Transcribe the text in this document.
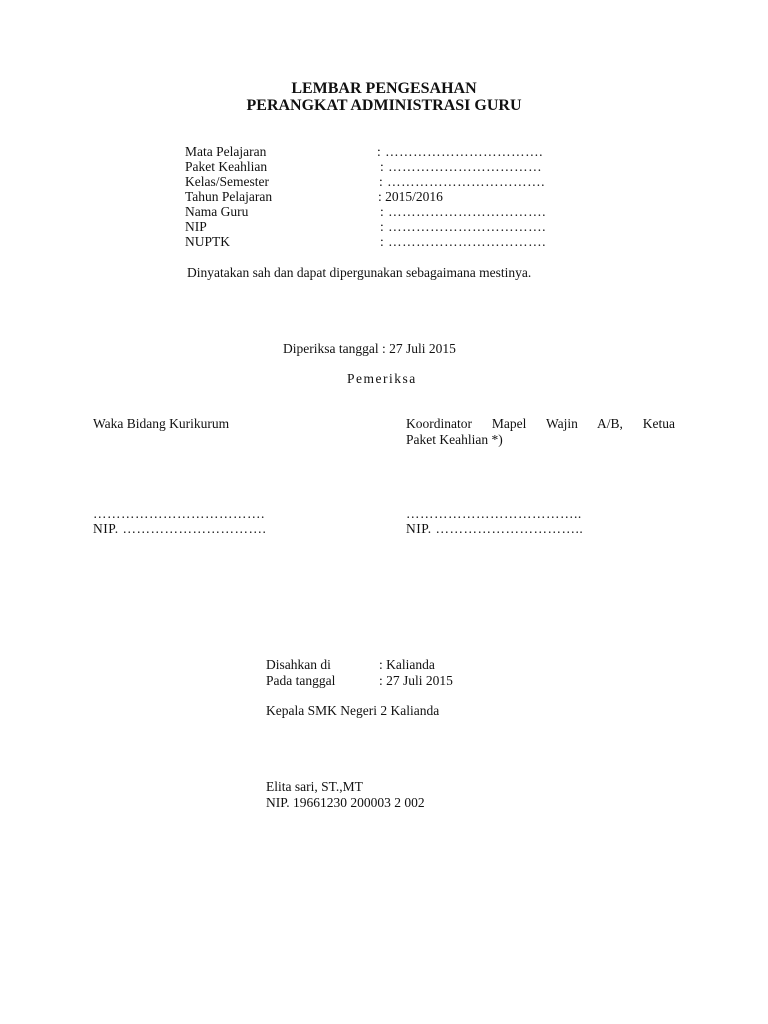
LEMBAR PENGESAHAN
PERANGKAT ADMINISTRASI GURU
Mata Pelajaran	: …………………………….
Paket Keahlian	: ……………………………
Kelas/Semester	: …………………………….
Tahun Pelajaran	: 2015/2016
Nama Guru	: …………………………….
NIP	: …………………………….
NUPTK	: …………………………….
Dinyatakan sah dan dapat dipergunakan sebagaimana mestinya.
Diperiksa tanggal : 27 Juli 2015
Pemeriksa
Waka Bidang Kurikurum
……………………………….
NIP. ………………………….
Koordinator Mapel Wajin A/B, Ketua
Paket Keahlian *)
………………………………..
NIP. …………………………..
Disahkan di	: Kalianda
Pada tanggal	: 27 Juli 2015
Kepala SMK Negeri 2 Kalianda
Elita sari, ST.,MT
NIP. 19661230 200003 2 002
